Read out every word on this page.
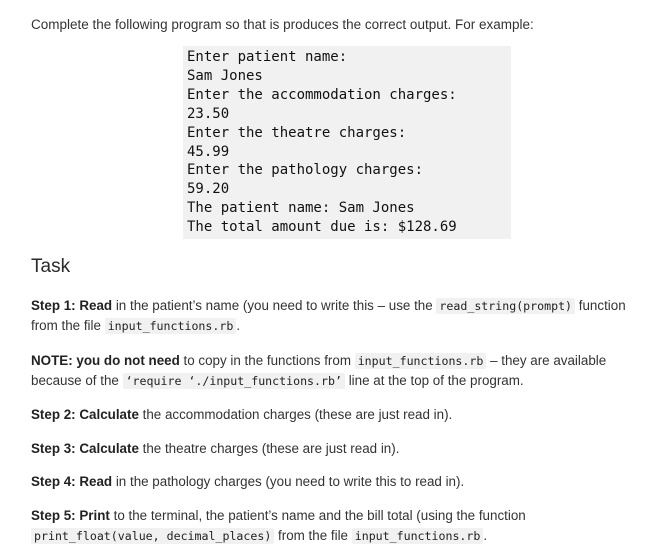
Complete the following program so that is produces the correct output. For example:
Enter patient name:
Sam Jones
Enter the accommodation charges:
23.50
Enter the theatre charges:
45.99
Enter the pathology charges:
59.20
The patient name: Sam Jones
The total amount due is: $128.69
Task
Step 1: Read in the patient’s name (you need to write this – use the read_string(prompt) function from the file input_functions.rb .
NOTE: you do not need to copy in the functions from input_functions.rb – they are available because of the ‘require ‘./input_functions.rb’ line at the top of the program.
Step 2: Calculate the accommodation charges (these are just read in).
Step 3: Calculate the theatre charges (these are just read in).
Step 4: Read in the pathology charges (you need to write this to read in).
Step 5: Print to the terminal, the patient’s name and the bill total (using the function print_float(value, decimal_places) from the file input_functions.rb .
